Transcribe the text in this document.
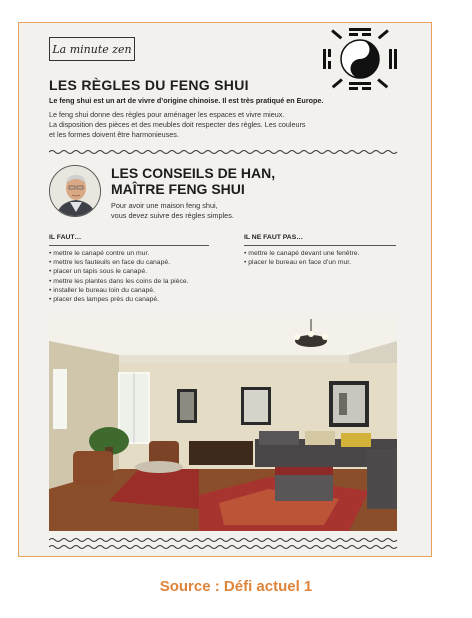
La minute zen
LES RÈGLES DU FENG SHUI
Le feng shui est un art de vivre d’origine chinoise. Il est très pratiqué en Europe.
Le feng shui donne des règles pour aménager les espaces et vivre mieux.
La disposition des pièces et des meubles doit respecter des règles. Les couleurs
et les formes doivent être harmonieuses.
LES CONSEILS DE HAN,
MAÎTRE FENG SHUI
Pour avoir une maison feng shui,
vous devez suivre des règles simples.
IL FAUT…
• mettre le canapé contre un mur.
• mettre les fauteuils en face du canapé.
• placer un tapis sous le canapé.
• mettre les plantes dans les coins de la pièce.
• installer le bureau loin du canapé.
• placer des lampes près du canapé.
IL NE FAUT PAS…
• mettre le canapé devant une fenêtre.
• placer le bureau en face d’un mur.
Source : Défi actuel 1
